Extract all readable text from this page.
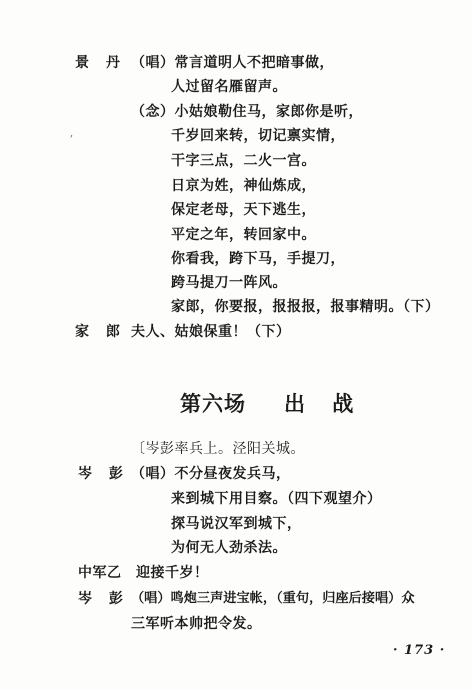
景 丹 （唱）常言道明人不把暗事做，
人过留名雁留声。
（念）小姑娘勒住马，家郎你是听，
,	千岁回来转，切记禀实情，
干字三点，二火一宫。
日京为姓，神仙炼成，
保定老母，天下逃生，
平定之年，转回家中。
你看我，跨下马，手提刀，
跨马提刀一阵风。
家郎，你要报，报报报，报事精明。（下）
家 郎 夫人、姑娘保重！（下）
第六场 出 战
〔岑彭率兵上。泾阳关城。
岑 彭 （唱）不分昼夜发兵马，
来到城下用目察。（四下观望介）
探马说汉军到城下，
为何无人劲杀法。
中军乙 迎接千岁！
岑 彭 （唱）鸣炮三声进宝帐，（重句，归座后接唱）众
三军听本帅把令发。
· 173 ·
